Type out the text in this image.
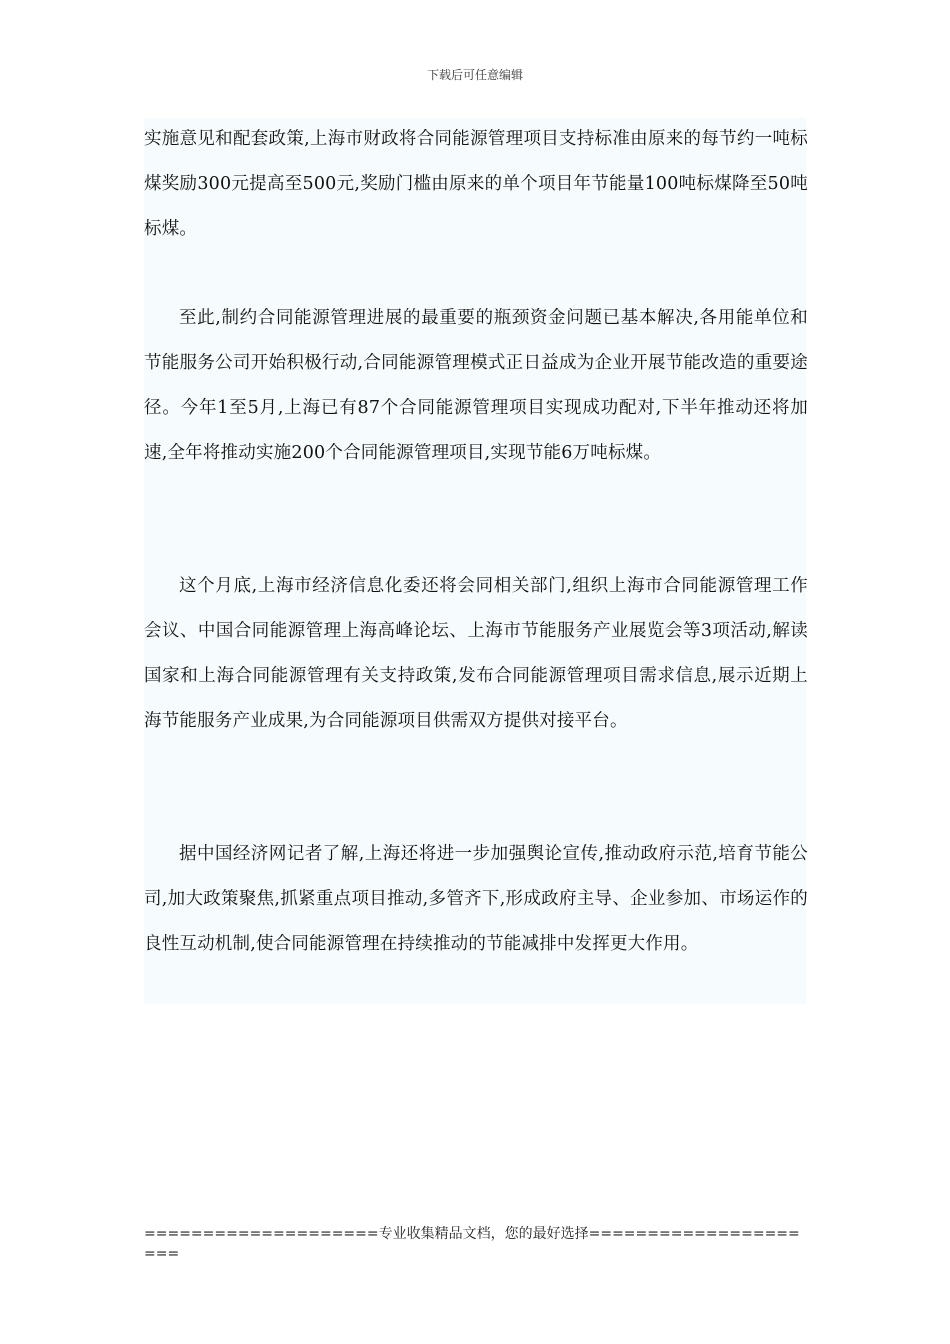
下载后可任意编辑

实施意见和配套政策,上海市财政将合同能源管理项目支持标准由原来的每节约一吨标煤奖励300元提高至500元,奖励门槛由原来的单个项目年节能量100吨标煤降至50吨标煤。

至此,制约合同能源管理进展的最重要的瓶颈资金问题已基本解决,各用能单位和节能服务公司开始积极行动,合同能源管理模式正日益成为企业开展节能改造的重要途径。今年1至5月,上海已有87个合同能源管理项目实现成功配对,下半年推动还将加速,全年将推动实施200个合同能源管理项目,实现节能6万吨标煤。

这个月底,上海市经济信息化委还将会同相关部门,组织上海市合同能源管理工作会议、中国合同能源管理上海高峰论坛、上海市节能服务产业展览会等3项活动,解读国家和上海合同能源管理有关支持政策,发布合同能源管理项目需求信息,展示近期上海节能服务产业成果,为合同能源项目供需双方提供对接平台。

据中国经济网记者了解,上海还将进一步加强舆论宣传,推动政府示范,培育节能公司,加大政策聚焦,抓紧重点项目推动,多管齐下,形成政府主导、企业参加、市场运作的良性互动机制,使合同能源管理在持续推动的节能减排中发挥更大作用。

====================专业收集精品文档，您的最好选择=====================
